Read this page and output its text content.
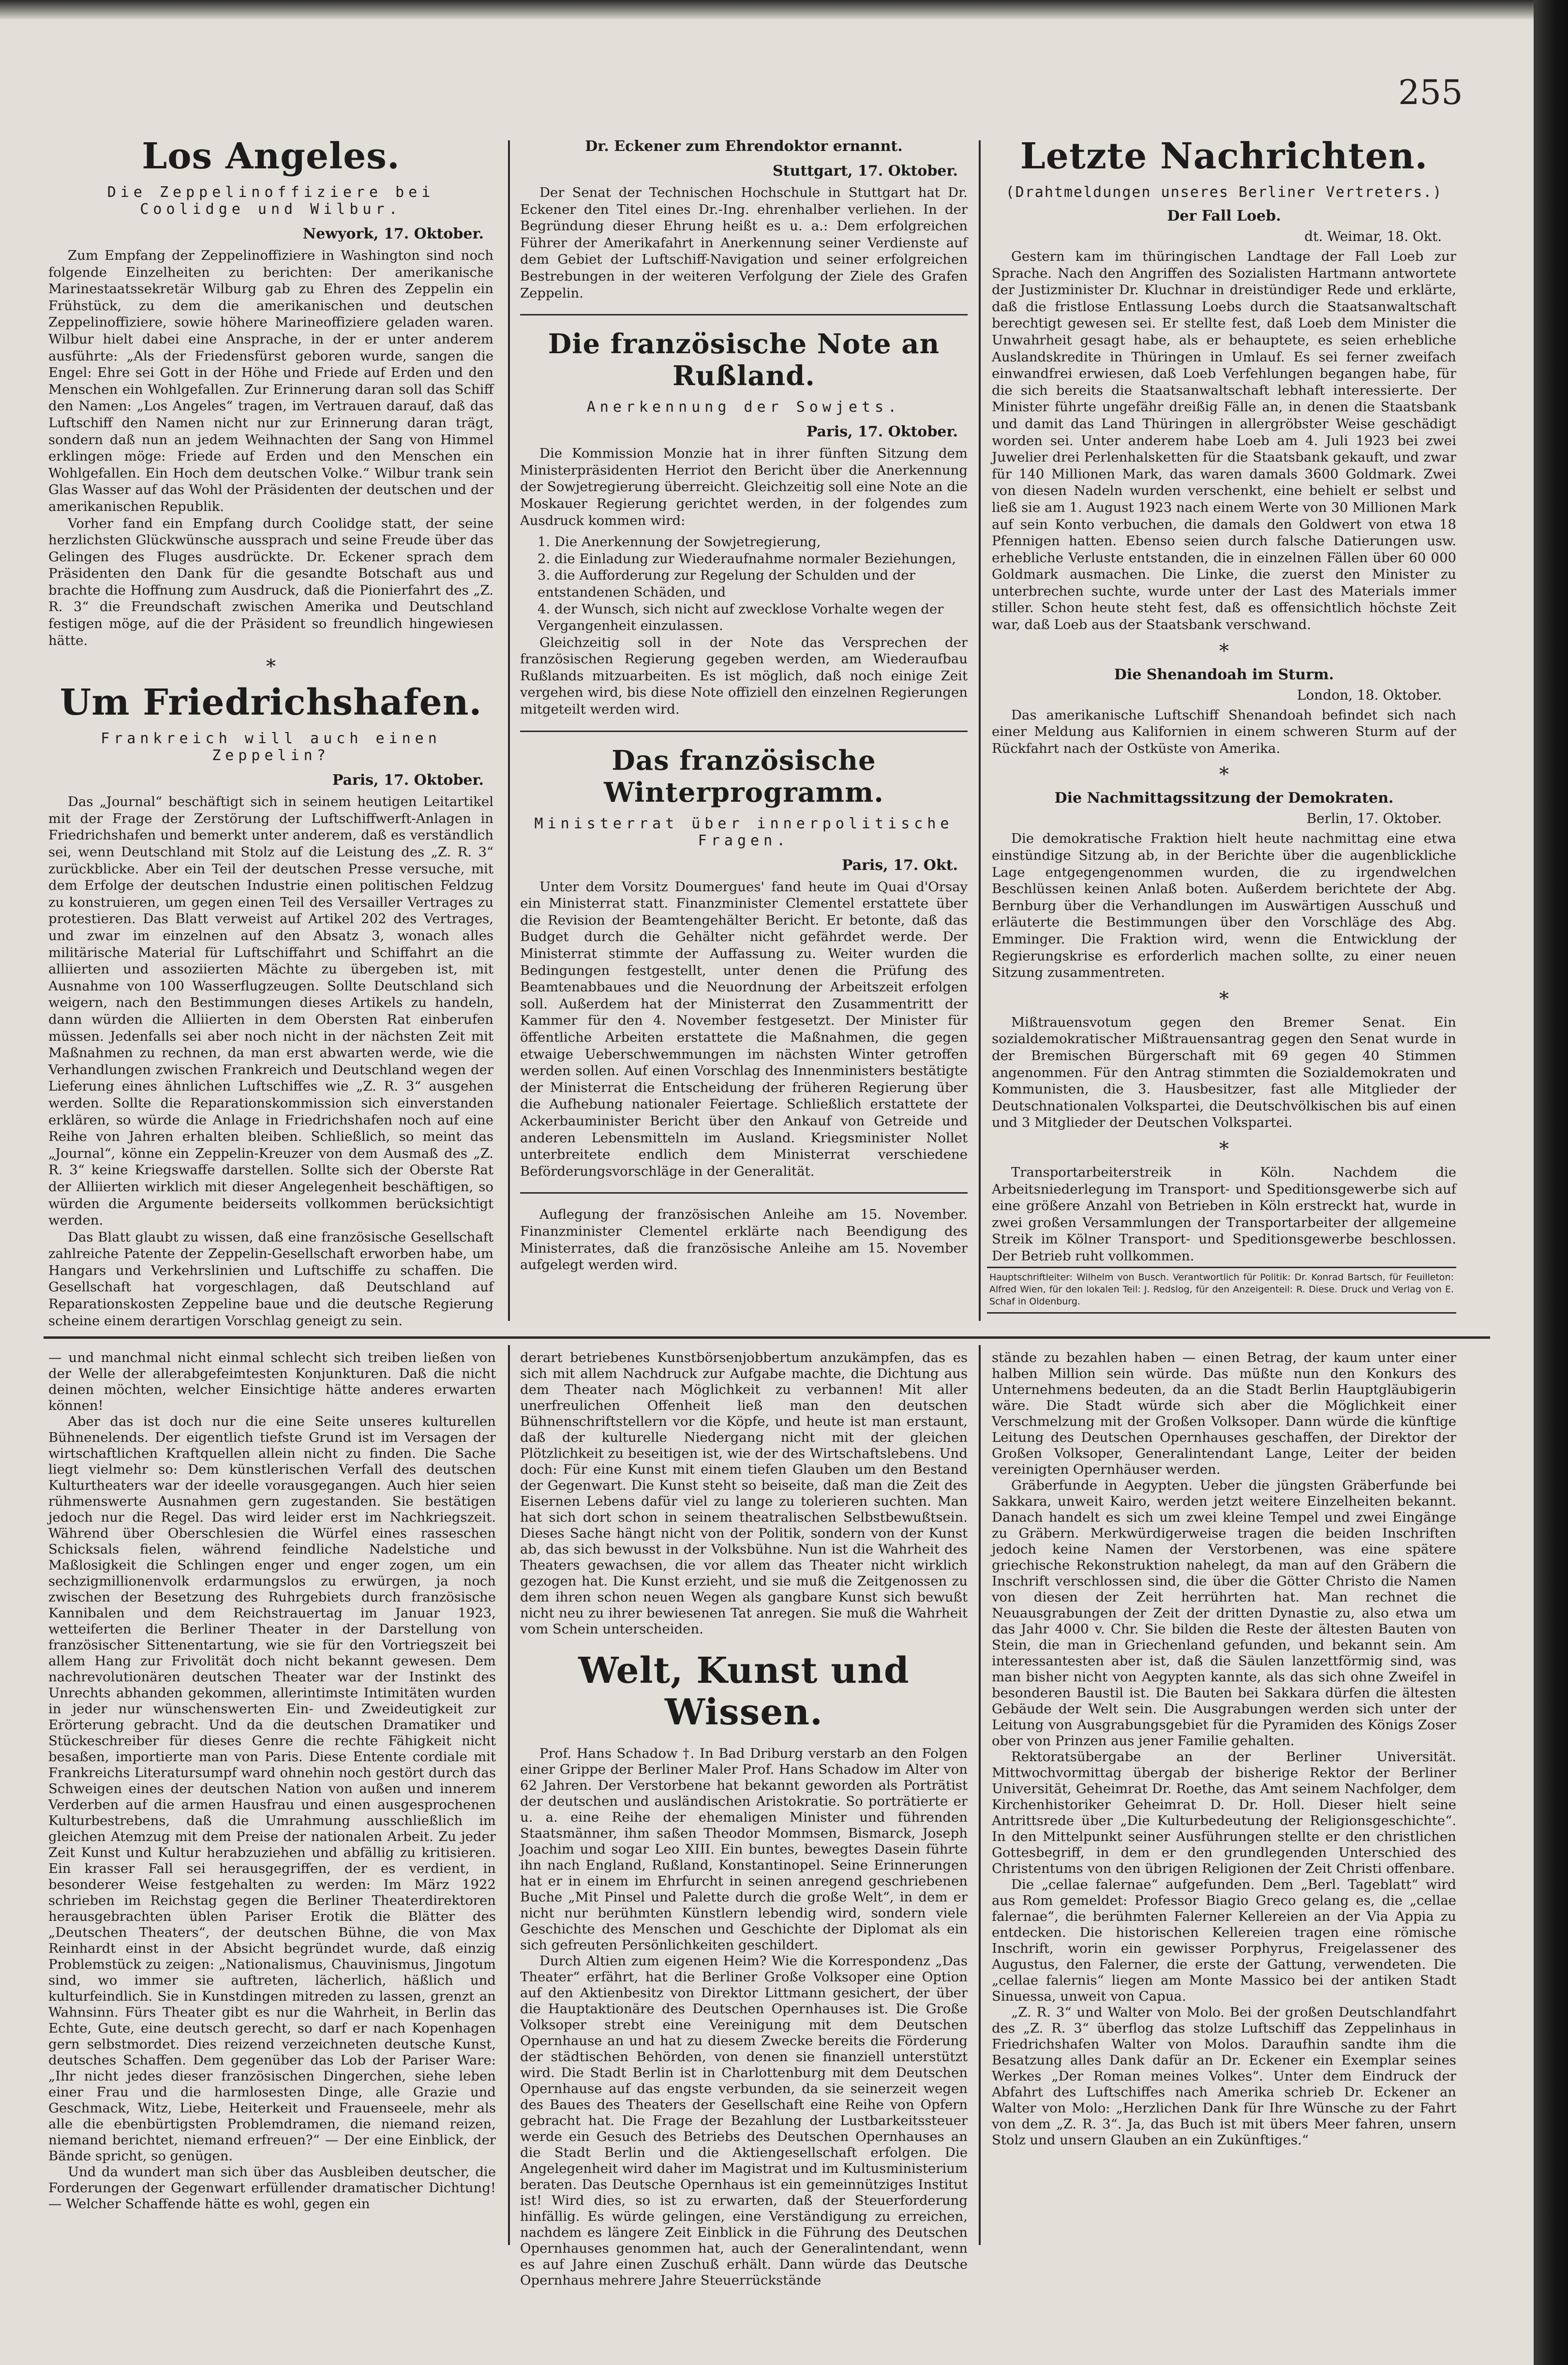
255
Los Angeles.
Die Zeppelinoffiziere bei Coolidge und Wilbur.
Newyork, 17. Oktober.

Zum Empfang der Zeppelinoffiziere in Washington sind noch folgende Einzelheiten zu berichten: Der amerikanische Marinestaatssekretär Wilburg gab zu Ehren des Zeppelin ein Frühstück, zu dem die amerikanischen und deutschen Zeppelinoffiziere, sowie höhere Marineoffiziere geladen waren. Wilbur hielt dabei eine Ansprache, in der er unter anderem ausführte: „Als der Friedensfürst geboren wurde, sangen die Engel: Ehre sei Gott in der Höhe und Friede auf Erden und den Menschen ein Wohlgefallen. Zur Erinnerung daran soll das Schiff den Namen: „Los Angeles“ tragen, im Vertrauen darauf, daß das Luftschiff den Namen nicht nur zur Erinnerung daran trägt, sondern daß nun an jedem Weihnachten der Sang von Himmel erklingen möge: Friede auf Erden und den Menschen ein Wohlgefallen. Ein Hoch dem deutschen Volke.“ Wilbur trank sein Glas Wasser auf das Wohl der Präsidenten der deutschen und der amerikanischen Republik.

Vorher fand ein Empfang durch Coolidge statt, der seine herzlichsten Glückwünsche aussprach und seine Freude über das Gelingen des Fluges ausdrückte. Dr. Eckener sprach dem Präsidenten den Dank für die gesandte Botschaft aus und brachte die Hoffnung zum Ausdruck, daß die Pionierfahrt des „Z. R. 3“ die Freundschaft zwischen Amerika und Deutschland festigen möge, auf die der Präsident so freundlich hingewiesen hätte.

*
Um Friedrichshafen.
Frankreich will auch einen Zeppelin?
Paris, 17. Oktober.

Das „Journal“ beschäftigt sich in seinem heutigen Leitartikel mit der Frage der Zerstörung der Luftschiffwerft-Anlagen in Friedrichshafen und bemerkt unter anderem, daß es verständlich sei, wenn Deutschland mit Stolz auf die Leistung des „Z. R. 3“ zurückblicke. Aber ein Teil der deutschen Presse versuche, mit dem Erfolge der deutschen Industrie einen politischen Feldzug zu konstruieren, um gegen einen Teil des Versailler Vertrages zu protestieren. Das Blatt verweist auf Artikel 202 des Vertrages, und zwar im einzelnen auf den Absatz 3, wonach alles militärische Material für Luftschiffahrt und Schiffahrt an die alliierten und assoziierten Mächte zu übergeben ist, mit Ausnahme von 100 Wasserflugzeugen. Sollte Deutschland sich weigern, nach den Bestimmungen dieses Artikels zu handeln, dann würden die Alliierten in dem Obersten Rat einberufen müssen. Jedenfalls sei aber noch nicht in der nächsten Zeit mit Maßnahmen zu rechnen, da man erst abwarten werde, wie die Verhandlungen zwischen Frankreich und Deutschland wegen der Lieferung eines ähnlichen Luftschiffes wie „Z. R. 3“ ausgehen werden. Sollte die Reparationskommission sich einverstanden erklären, so würde die Anlage in Friedrichshafen noch auf eine Reihe von Jahren erhalten bleiben. Schließlich, so meint das „Journal“, könne ein Zeppelin-Kreuzer von dem Ausmaß des „Z. R. 3“ keine Kriegswaffe darstellen. Sollte sich der Oberste Rat der Alliierten wirklich mit dieser Angelegenheit beschäftigen, so würden die Argumente beiderseits vollkommen berücksichtigt werden.

Das Blatt glaubt zu wissen, daß eine französische Gesellschaft zahlreiche Patente der Zeppelin-Gesellschaft erworben habe, um Hangars und Verkehrslinien und Luftschiffe zu schaffen. Die Gesellschaft hat vorgeschlagen, daß Deutschland auf Reparationskosten Zeppeline baue und die deutsche Regierung scheine einem derartigen Vorschlag geneigt zu sein.

Dr. Eckener zum Ehrendoktor ernannt.
Stuttgart, 17. Oktober.

Der Senat der Technischen Hochschule in Stuttgart hat Dr. Eckener den Titel eines Dr.-Ing. ehrenhalber verliehen. In der Begründung dieser Ehrung heißt es u. a.: Dem erfolgreichen Führer der Amerikafahrt in Anerkennung seiner Verdienste auf dem Gebiet der Luftschiff-Navigation und seiner erfolgreichen Bestrebungen in der weiteren Verfolgung der Ziele des Grafen Zeppelin.

Die französische Note an Rußland.
Anerkennung der Sowjets.
Paris, 17. Oktober.

Die Kommission Monzie hat in ihrer fünften Sitzung dem Ministerpräsidenten Herriot den Bericht über die Anerkennung der Sowjetregierung überreicht. Gleichzeitig soll eine Note an die Moskauer Regierung gerichtet werden, in der folgendes zum Ausdruck kommen wird:

1. Die Anerkennung der Sowjetregierung,
2. die Einladung zur Wiederaufnahme normaler Beziehungen,
3. die Aufforderung zur Regelung der Schulden und der entstandenen Schäden, und
4. der Wunsch, sich nicht auf zwecklose Vorhalte wegen der Vergangenheit einzulassen.

Gleichzeitig soll in der Note das Versprechen der französischen Regierung gegeben werden, am Wiederaufbau Rußlands mitzuarbeiten. Es ist möglich, daß noch einige Zeit vergehen wird, bis diese Note offiziell den einzelnen Regierungen mitgeteilt werden wird.

Das französische Winterprogramm.
Ministerrat über innerpolitische Fragen.
Paris, 17. Okt.

Unter dem Vorsitz Doumergues' fand heute im Quai d'Orsay ein Ministerrat statt. Finanzminister Clementel erstattete über die Revision der Beamtengehälter Bericht. Er betonte, daß das Budget durch die Gehälter nicht gefährdet werde. Der Ministerrat stimmte der Auffassung zu. Weiter wurden die Bedingungen festgestellt, unter denen die Prüfung des Beamtenabbaues und die Neuordnung der Arbeitszeit erfolgen soll. Außerdem hat der Ministerrat den Zusammentritt der Kammer für den 4. November festgesetzt. Der Minister für öffentliche Arbeiten erstattete die Maßnahmen, die gegen etwaige Ueberschwemmungen im nächsten Winter getroffen werden sollen. Auf einen Vorschlag des Innenministers bestätigte der Ministerrat die Entscheidung der früheren Regierung über die Aufhebung nationaler Feiertage. Schließlich erstattete der Ackerbauminister Bericht über den Ankauf von Getreide und anderen Lebensmitteln im Ausland. Kriegsminister Nollet unterbreitete endlich dem Ministerrat verschiedene Beförderungsvorschläge in der Generalität.

Auflegung der französischen Anleihe am 15. November. Finanzminister Clementel erklärte nach Beendigung des Ministerrates, daß die französische Anleihe am 15. November aufgelegt werden wird.

Letzte Nachrichten.
(Drahtmeldungen unseres Berliner Vertreters.)
Der Fall Loeb.
dt. Weimar, 18. Okt.

Gestern kam im thüringischen Landtage der Fall Loeb zur Sprache. Nach den Angriffen des Sozialisten Hartmann antwortete der Justizminister Dr. Kluchnar in dreistündiger Rede und erklärte, daß die fristlose Entlassung Loebs durch die Staatsanwaltschaft berechtigt gewesen sei. Er stellte fest, daß Loeb dem Minister die Unwahrheit gesagt habe, als er behauptete, es seien erhebliche Auslandskredite in Thüringen in Umlauf. Es sei ferner zweifach einwandfrei erwiesen, daß Loeb Verfehlungen begangen habe, für die sich bereits die Staatsanwaltschaft lebhaft interessierte. Der Minister führte ungefähr dreißig Fälle an, in denen die Staatsbank und damit das Land Thüringen in allergröbster Weise geschädigt worden sei. Unter anderem habe Loeb am 4. Juli 1923 bei zwei Juwelier drei Perlenhalsketten für die Staatsbank gekauft, und zwar für 140 Millionen Mark, das waren damals 3600 Goldmark. Zwei von diesen Nadeln wurden verschenkt, eine behielt er selbst und ließ sie am 1. August 1923 nach einem Werte von 30 Millionen Mark auf sein Konto verbuchen, die damals den Goldwert von etwa 18 Pfennigen hatten. Ebenso seien durch falsche Datierungen usw. erhebliche Verluste entstanden, die in einzelnen Fällen über 60 000 Goldmark ausmachen. Die Linke, die zuerst den Minister zu unterbrechen suchte, wurde unter der Last des Materials immer stiller. Schon heute steht fest, daß es offensichtlich höchste Zeit war, daß Loeb aus der Staatsbank verschwand.

*
Die Shenandoah im Sturm.
London, 18. Oktober.

Das amerikanische Luftschiff Shenandoah befindet sich nach einer Meldung aus Kalifornien in einem schweren Sturm auf der Rückfahrt nach der Ostküste von Amerika.

*
Die Nachmittagssitzung der Demokraten.
Berlin, 17. Oktober.

Die demokratische Fraktion hielt heute nachmittag eine etwa einstündige Sitzung ab, in der Berichte über die augenblickliche Lage entgegengenommen wurden, die zu irgendwelchen Beschlüssen keinen Anlaß boten. Außerdem berichtete der Abg. Bernburg über die Verhandlungen im Auswärtigen Ausschuß und erläuterte die Bestimmungen über den Vorschläge des Abg. Emminger. Die Fraktion wird, wenn die Entwicklung der Regierungskrise es erforderlich machen sollte, zu einer neuen Sitzung zusammentreten.

*

Mißtrauensvotum gegen den Bremer Senat. Ein sozialdemokratischer Mißtrauensantrag gegen den Senat wurde in der Bremischen Bürgerschaft mit 69 gegen 40 Stimmen angenommen. Für den Antrag stimmten die Sozialdemokraten und Kommunisten, die 3. Hausbesitzer, fast alle Mitglieder der Deutschnationalen Volkspartei, die Deutschvölkischen bis auf einen und 3 Mitglieder der Deutschen Volkspartei.

*

Transportarbeiterstreik in Köln. Nachdem die Arbeitsniederlegung im Transport- und Speditionsgewerbe sich auf eine größere Anzahl von Betrieben in Köln erstreckt hat, wurde in zwei großen Versammlungen der Transportarbeiter der allgemeine Streik im Kölner Transport- und Speditionsgewerbe beschlossen. Der Betrieb ruht vollkommen.

Hauptschriftleiter: Wilhelm von Busch. Verantwortlich für Politik: Dr. Konrad Bartsch, für Feuilleton: Alfred Wien, für den lokalen Teil: J. Redslog, für den Anzeigenteil: R. Diese. Druck und Verlag von E. Schaf in Oldenburg.

— und manchmal nicht einmal schlecht sich treiben ließen von der Welle der allerabgefeimtesten Konjunkturen. Daß die nicht deinen möchten, welcher Einsichtige hätte anderes erwarten können!

Aber das ist doch nur die eine Seite unseres kulturellen Bühnenelends. Der eigentlich tiefste Grund ist im Versagen der wirtschaftlichen Kraftquellen allein nicht zu finden. Die Sache liegt vielmehr so: Dem künstlerischen Verfall des deutschen Kulturtheaters war der ideelle vorausgegangen. Auch hier seien rühmenswerte Ausnahmen gern zugestanden. Sie bestätigen jedoch nur die Regel. Das wird leider erst im Nachkriegszeit. Während über Oberschlesien die Würfel eines rasseschen Schicksals fielen, während feindliche Nadelstiche und Maßlosigkeit die Schlingen enger und enger zogen, um ein sechzigmillionenvolk erdarmungslos zu erwürgen, ja noch zwischen der Besetzung des Ruhrgebiets durch französische Kannibalen und dem Reichstrauertag im Januar 1923, wetteiferten die Berliner Theater in der Darstellung von französischer Sittenentartung, wie sie für den Vortriegszeit bei allem Hang zur Frivolität doch nicht bekannt gewesen. Dem nachrevolutionären deutschen Theater war der Instinkt des Unrechts abhanden gekommen, allerintimste Intimitäten wurden in jeder nur wünschenswerten Ein- und Zweideutigkeit zur Erörterung gebracht. Und da die deutschen Dramatiker und Stückeschreiber für dieses Genre die rechte Fähigkeit nicht besaßen, importierte man von Paris. Diese Entente cordiale mit Frankreichs Literatursumpf ward ohnehin noch gestört durch das Schweigen eines der deutschen Nation von außen und innerem Verderben auf die armen Hausfrau und einen ausgesprochenen Kulturbestrebens, daß die Umrahmung ausschließlich im gleichen Atemzug mit dem Preise der nationalen Arbeit. Zu jeder Zeit Kunst und Kultur herabzuziehen und abfällig zu kritisieren. Ein krasser Fall sei herausgegriffen, der es verdient, in besonderer Weise festgehalten zu werden: Im März 1922 schrieben im Reichstag gegen die Berliner Theaterdirektoren herausgebrachten üblen Pariser Erotik die Blätter des „Deutschen Theaters“, der deutschen Bühne, die von Max Reinhardt einst in der Absicht begründet wurde, daß einzig Problemstück zu zeigen: „Nationalismus, Chauvinismus, Jingotum sind, wo immer sie auftreten, lächerlich, häßlich und kulturfeindlich. Sie in Kunstdingen mitreden zu lassen, grenzt an Wahnsinn. Fürs Theater gibt es nur die Wahrheit, in Berlin das Echte, Gute, eine deutsch gerecht, so darf er nach Kopenhagen gern selbstmordet. Dies reizend verzeichneten deutsche Kunst, deutsches Schaffen. Dem gegenüber das Lob der Pariser Ware: „Ihr nicht jedes dieser französischen Dingerchen, siehe leben einer Frau und die harmlosesten Dinge, alle Grazie und Geschmack, Witz, Liebe, Heiterkeit und Frauenseele, mehr als alle die ebenbürtigsten Problemdramen, die niemand reizen, niemand berichtet, niemand erfreuen?“ — Der eine Einblick, der Bände spricht, so genügen.

Und da wundert man sich über das Ausbleiben deutscher, die Forderungen der Gegenwart erfüllender dramatischer Dichtung! — Welcher Schaffende hätte es wohl, gegen ein

derart betriebenes Kunstbörsenjobbertum anzukämpfen, das es sich mit allem Nachdruck zur Aufgabe machte, die Dichtung aus dem Theater nach Möglichkeit zu verbannen! Mit aller unerfreulichen Offenheit ließ man den deutschen Bühnenschriftstellern vor die Köpfe, und heute ist man erstaunt, daß der kulturelle Niedergang nicht mit der gleichen Plötzlichkeit zu beseitigen ist, wie der des Wirtschaftslebens. Und doch: Für eine Kunst mit einem tiefen Glauben um den Bestand der Gegenwart. Die Kunst steht so beiseite, daß man die Zeit des Eisernen Lebens dafür viel zu lange zu tolerieren suchten. Man hat sich dort schon in seinem theatralischen Selbstbewußtsein. Dieses Sache hängt nicht von der Politik, sondern von der Kunst ab, das sich bewusst in der Volksbühne. Nun ist die Wahrheit des Theaters gewachsen, die vor allem das Theater nicht wirklich gezogen hat. Die Kunst erzieht, und sie muß die Zeitgenossen zu dem ihren schon neuen Wegen als gangbare Kunst sich bewußt nicht neu zu ihrer bewiesenen Tat anregen. Sie muß die Wahrheit vom Schein unterscheiden.

Welt, Kunst und Wissen.

Prof. Hans Schadow †. In Bad Driburg verstarb an den Folgen einer Grippe der Berliner Maler Prof. Hans Schadow im Alter von 62 Jahren. Der Verstorbene hat bekannt geworden als Porträtist der deutschen und ausländischen Aristokratie. So porträtierte er u. a. eine Reihe der ehemaligen Minister und führenden Staatsmänner, ihm saßen Theodor Mommsen, Bismarck, Joseph Joachim und sogar Leo XIII. Ein buntes, bewegtes Dasein führte ihn nach England, Rußland, Konstantinopel. Seine Erinnerungen hat er in einem im Ehrfurcht in seinen anregend geschriebenen Buche „Mit Pinsel und Palette durch die große Welt“, in dem er nicht nur berühmten Künstlern lebendig wird, sondern viele Geschichte des Menschen und Geschichte der Diplomat als ein sich gefreuten Persönlichkeiten geschildert.

Durch Altien zum eigenen Heim? Wie die Korrespondenz „Das Theater“ erfährt, hat die Berliner Große Volksoper eine Option auf den Aktienbesitz von Direktor Littmann gesichert, der über die Hauptaktionäre des Deutschen Opernhauses ist. Die Große Volksoper strebt eine Vereinigung mit dem Deutschen Opernhause an und hat zu diesem Zwecke bereits die Förderung der städtischen Behörden, von denen sie finanziell unterstützt wird. Die Stadt Berlin ist in Charlottenburg mit dem Deutschen Opernhause auf das engste verbunden, da sie seinerzeit wegen des Baues des Theaters der Gesellschaft eine Reihe von Opfern gebracht hat. Die Frage der Bezahlung der Lustbarkeitssteuer werde ein Gesuch des Betriebs des Deutschen Opernhauses an die Stadt Berlin und die Aktiengesellschaft erfolgen. Die Angelegenheit wird daher im Magistrat und im Kultusministerium beraten. Das Deutsche Opernhaus ist ein gemeinnütziges Institut ist! Wird dies, so ist zu erwarten, daß der Steuerforderung hinfällig. Es würde gelingen, eine Verständigung zu erreichen, nachdem es längere Zeit Einblick in die Führung des Deutschen Opernhauses genommen hat, auch der Generalintendant, wenn es auf Jahre einen Zuschuß erhält. Dann würde das Deutsche Opernhaus mehrere Jahre Steuerrückstände

stände zu bezahlen haben — einen Betrag, der kaum unter einer halben Million sein würde. Das müßte nun den Konkurs des Unternehmens bedeuten, da an die Stadt Berlin Hauptgläubigerin wäre. Die Stadt würde sich aber die Möglichkeit einer Verschmelzung mit der Großen Volksoper. Dann würde die künftige Leitung des Deutschen Opernhauses geschaffen, der Direktor der Großen Volksoper, Generalintendant Lange, Leiter der beiden vereinigten Opernhäuser werden.

Gräberfunde in Aegypten. Ueber die jüngsten Gräberfunde bei Sakkara, unweit Kairo, werden jetzt weitere Einzelheiten bekannt. Danach handelt es sich um zwei kleine Tempel und zwei Eingänge zu Gräbern. Merkwürdigerweise tragen die beiden Inschriften jedoch keine Namen der Verstorbenen, was eine spätere griechische Rekonstruktion nahelegt, da man auf den Gräbern die Inschrift verschlossen sind, die über die Götter Christo die Namen von diesen der Zeit herrührten hat. Man rechnet die Neuausgrabungen der Zeit der dritten Dynastie zu, also etwa um das Jahr 4000 v. Chr. Sie bilden die Reste der ältesten Bauten von Stein, die man in Griechenland gefunden, und bekannt sein. Am interessantesten aber ist, daß die Säulen lanzettförmig sind, was man bisher nicht von Aegypten kannte, als das sich ohne Zweifel in besonderen Baustil ist. Die Bauten bei Sakkara dürfen die ältesten Gebäude der Welt sein. Die Ausgrabungen werden sich unter der Leitung von Ausgrabungsgebiet für die Pyramiden des Königs Zoser ober von Prinzen aus jener Familie gehalten.

Rektoratsübergabe an der Berliner Universität. Mittwochvormittag übergab der bisherige Rektor der Berliner Universität, Geheimrat Dr. Roethe, das Amt seinem Nachfolger, dem Kirchenhistoriker Geheimrat D. Dr. Holl. Dieser hielt seine Antrittsrede über „Die Kulturbedeutung der Religionsgeschichte“. In den Mittelpunkt seiner Ausführungen stellte er den christlichen Gottesbegriff, in dem er den grundlegenden Unterschied des Christentums von den übrigen Religionen der Zeit Christi offenbare.

Die „cellae falernae“ aufgefunden. Dem „Berl. Tageblatt“ wird aus Rom gemeldet: Professor Biagio Greco gelang es, die „cellae falernae“, die berühmten Falerner Kellereien an der Via Appia zu entdecken. Die historischen Kellereien tragen eine römische Inschrift, worin ein gewisser Porphyrus, Freigelassener des Augustus, den Falerner, die erste der Gattung, verwendeten. Die „cellae falernis“ liegen am Monte Massico bei der antiken Stadt Sinuessa, unweit von Capua.

„Z. R. 3“ und Walter von Molo. Bei der großen Deutschlandfahrt des „Z. R. 3“ überflog das stolze Luftschiff das Zeppelinhaus in Friedrichshafen Walter von Molos. Daraufhin sandte ihm die Besatzung alles Dank dafür an Dr. Eckener ein Exemplar seines Werkes „Der Roman meines Volkes“. Unter dem Eindruck der Abfahrt des Luftschiffes nach Amerika schrieb Dr. Eckener an Walter von Molo: „Herzlichen Dank für Ihre Wünsche zu der Fahrt von dem „Z. R. 3“. Ja, das Buch ist mit übers Meer fahren, unsern Stolz und unsern Glauben an ein Zukünftiges.“
